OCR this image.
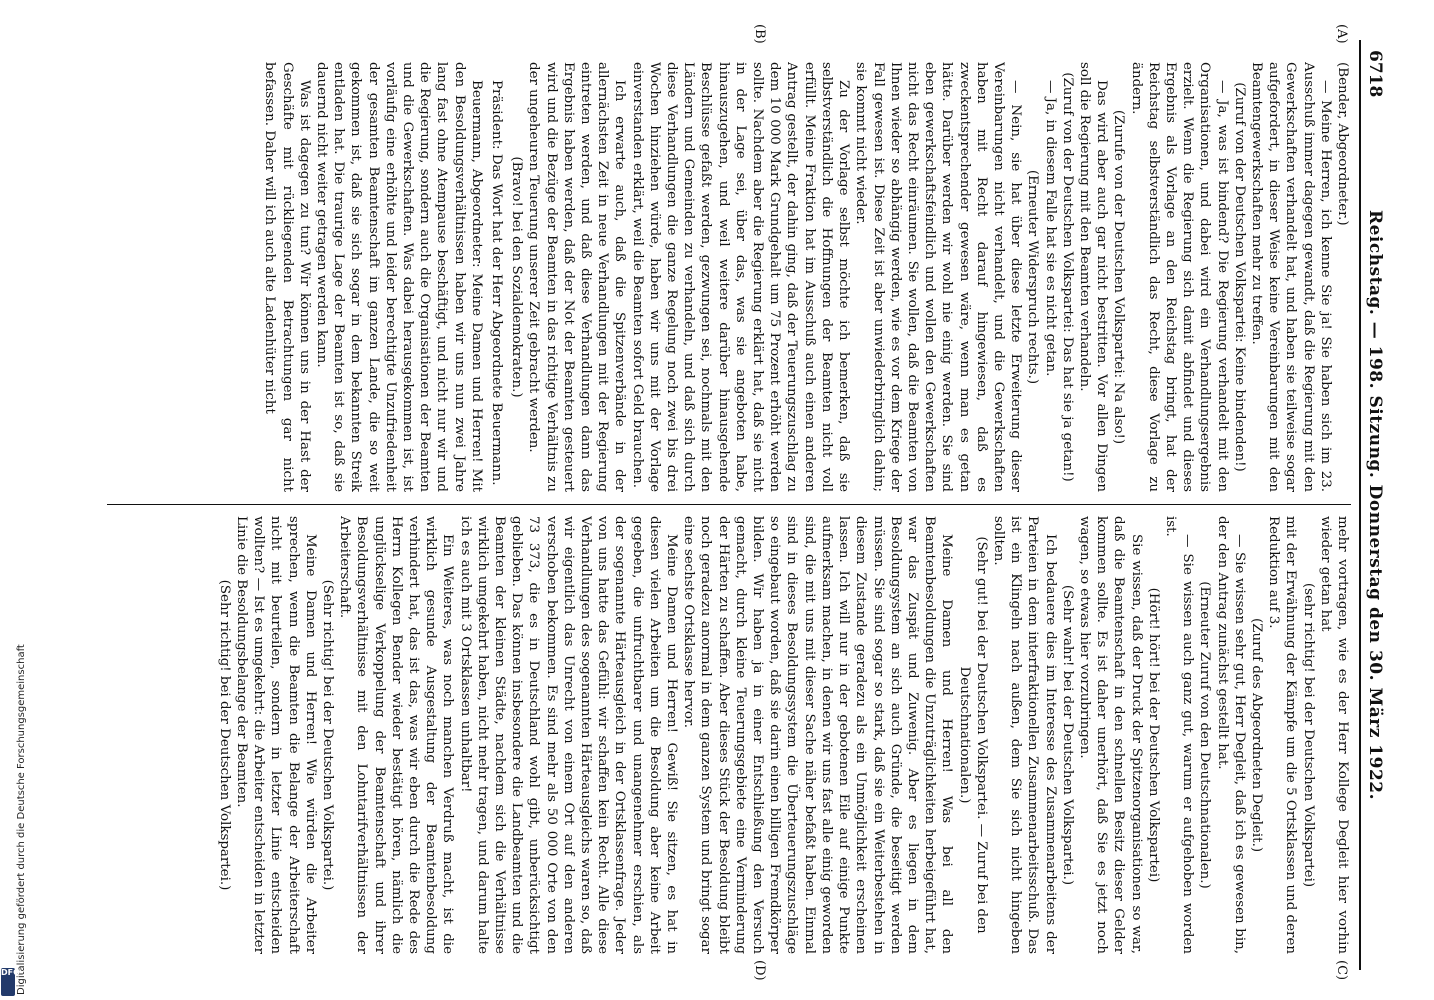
6718
Reichstag. — 198. Sitzung. Donnerstag den 30. März 1922.
(A)
(B)
(C)
(D)

(Bender, Abgeordneter.)

— Meine Herren, ich kenne Sie ja! Sie haben sich im 23. Ausschuß immer dagegen gewandt, daß die Regierung mit den Gewerkschaften verhandelt hat, und haben sie teilweise sogar aufgefordert, in dieser Weise keine Vereinbarungen mit den Beamtengewerkschaften mehr zu treffen.

(Zuruf von der Deutschen Volkspartei: Keine bindenden!)

— Ja, was ist bindend? Die Regierung verhandelt mit den Organisationen, und dabei wird ein Verhandlungsergebnis erzielt. Wenn die Regierung sich damit abfindet und dieses Ergebnis als Vorlage an den Reichstag bringt, hat der Reichstag selbstverständlich das Recht, diese Vorlage zu ändern.

(Zurufe von der Deutschen Volkspartei: Na also!)

Das wird aber auch gar nicht bestritten. Vor allen Dingen soll die Regierung mit den Beamten verhandeln.

(Zuruf von der Deutschen Volkspartei: Das hat sie ja getan!)

— Ja, in diesem Falle hat sie es nicht getan.

(Erneuter Widerspruch rechts.)

— Nein, sie hat über diese letzte Erweiterung dieser Vereinbarungen nicht verhandelt, und die Gewerkschaften haben mit Recht darauf hingewiesen, daß es zweckentsprechender gewesen wäre, wenn man es getan hätte. Darüber werden wir wohl nie einig werden. Sie sind eben gewerkschaftsfeindlich und wollen den Gewerkschaften nicht das Recht einräumen. Sie wollen, daß die Beamten von Ihnen wieder so abhängig werden, wie es vor dem Kriege der Fall gewesen ist. Diese Zeit ist aber unwiederbringlich dahin; sie kommt nicht wieder.

Zu der Vorlage selbst möchte ich bemerken, daß sie selbstverständlich die Hoffnungen der Beamten nicht voll erfüllt. Meine Fraktion hat im Ausschuß auch einen anderen Antrag gestellt, der dahin ging, daß der Teuerungszuschlag zu dem 10 000 Mark Grundgehalt um 75 Prozent erhöht werden sollte. Nachdem aber die Regierung erklärt hat, daß sie nicht in der Lage sei, über das, was sie angeboten habe, hinauszugehen, und weil weitere darüber hinausgehende Beschlüsse gefaßt werden, gezwungen sei, nochmals mit den Ländern und Gemeinden zu verhandeln, und daß sich durch diese Verhandlungen die ganze Regelung noch zwei bis drei Wochen hinziehen würde, haben wir uns mit der Vorlage einverstanden erklärt, weil die Beamten sofort Geld brauchen.

Ich erwarte auch, daß die Spitzenverbände in der allernächsten Zeit in neue Verhandlungen mit der Regierung eintreten werden, und daß diese Verhandlungen dann das Ergebnis haben werden, daß der Not der Beamten gesteuert wird und die Bezüge der Beamten in das richtige Verhältnis zu der ungeheuren Teuerung unserer Zeit gebracht werden.

(Bravo! bei den Sozialdemokraten.)

Präsident: Das Wort hat der Herr Abgeordnete Beuermann.

Beuermann, Abgeordneter: Meine Damen und Herren! Mit den Besoldungsverhältnissen haben wir uns nun zwei Jahre lang fast ohne Atempause beschäftigt, und nicht nur wir und die Regierung, sondern auch die Organisationen der Beamten und die Gewerkschaften. Was dabei herausgekommen ist, ist vorläufig eine erhöhte und leider berechtigte Unzufriedenheit der gesamten Beamtenschaft im ganzen Lande, die so weit gekommen ist, daß sie sich sogar in dem bekannten Streik entladen hat. Die traurige Lage der Beamten ist so, daß sie dauernd nicht weiter getragen werden kann.

Was ist dagegen zu tun? Wir können uns in der Hast der Geschäfte mit rückliegenden Betrachtungen gar nicht befassen. Daher will ich auch alte Ladenhüter nicht

mehr vortragen, wie es der Herr Kollege Degleit hier vorhin wieder getan hat

(sehr richtig! bei der Deutschen Volkspartei)

mit der Erwähnung der Kämpfe um die 5 Ortsklassen und deren Reduktion auf 3.

(Zuruf des Abgeordneten Degleit.)

— Sie wissen sehr gut, Herr Degleit, daß ich es gewesen bin, der den Antrag zunächst gestellt hat.

(Erneuter Zuruf von den Deutschnationalen.)

— Sie wissen auch ganz gut, warum er aufgehoben worden ist.

(Hört! hört! bei der Deutschen Volkspartei)

Sie wissen, daß der Druck der Spitzenorganisationen so war, daß die Beamtenschaft in den schnellen Besitz dieser Gelder kommen sollte. Es ist daher unerhört, daß Sie es jetzt noch wagen, so etwas hier vorzubringen.

(Sehr wahr! bei der Deutschen Volkspartei.)

Ich bedauere dies im Interesse des Zusammenarbeitens der Parteien in dem interfraktionellen Zusammenarbeitsschuß. Das ist ein Klingeln nach außen, dem Sie sich nicht hingeben sollten.

(Sehr gut! bei der Deutschen Volkspartei. — Zuruf bei den Deutschnationalen.)

Meine Damen und Herren! Was bei all den Beamtenbesoldungen die Unzuträglichkeiten herbeigeführt hat, war das Zuspät und Zuwenig. Aber es liegen in dem Besoldungsystem an sich auch Gründe, die beseitigt werden müssen. Sie sind sogar so stark, daß sie ein Weiterbestehen in diesem Zustande geradezu als ein Unmöglichkeit erscheinen lassen. Ich will nur in der gebotenen Eile auf einige Punkte aufmerksam machen, in denen wir uns fast alle einig geworden sind, die mit uns mit dieser Sache näher befaßt haben. Einmal sind in dieses Besoldungssystem die Überteuerungszuschläge so eingebaut worden, daß sie darin einen billigen Fremdkörper bilden. Wir haben ja in einer Entschließung den Versuch gemacht, durch kleine Teuerungsgebiete eine Verminderung der Härten zu schaffen. Aber dieses Stück der Besoldung bleibt noch geradezu anormal in dem ganzen System und bringt sogar eine sechste Ortsklasse hervor.

Meine Damen und Herren! Gewiß! Sie sitzen, es hat in diesen vielen Arbeiten um die Besoldung aber keine Arbeit gegeben, die unfruchtbarer und unangenehmer erschien, als der sogenannte Härteausgleich in der Ortsklassenfrage. Jeder von uns hatte das Gefühl: wir schaffen kein Recht. Alle diese Verhandlungen des sogenannten Härteausgleichs waren so, daß wir eigentlich das Unrecht von einem Ort auf den anderen verschoben bekommen. Es sind mehr als 50 000 Orte von den 73 373, die es in Deutschland wohl gibt, unberücksichtigt geblieben. Das können insbesondere die Landbeamten und die Beamten der kleinen Städte, nachdem sich die Verhältnisse wirklich umgekehrt haben, nicht mehr tragen, und darum halte ich es auch mit 3 Ortsklassen unhaltbar!

Ein Weiteres, was noch manchen Verdruß macht, ist die wirklich gesunde Ausgestaltung der Beamtenbesoldung verhindert hat, das ist das, was wir eben durch die Rede des Herrn Kollegen Bender wieder bestätigt hören, nämlich die unglückselige Verkoppelung der Beamtenschaft und ihrer Besoldungsverhältnisse mit den Lohntarifverhältnissen der Arbeiterschaft.

(Sehr richtig! bei der Deutschen Volkspartei.)

Meine Damen und Herren! Wie würden die Arbeiter sprechen, wenn die Beamten die Belange der Arbeiterschaft nicht mit beurteilen, sondern in letzter Linie entscheiden wollten? — Ist es umgekehrt: die Arbeiter entscheiden in letzter Linie die Besoldungsbelange der Beamten.

(Sehr richtig! bei der Deutschen Volkspartei.)

Digitalisierung gefördert durch die Deutsche Forschungsgemeinschaft
DFG
